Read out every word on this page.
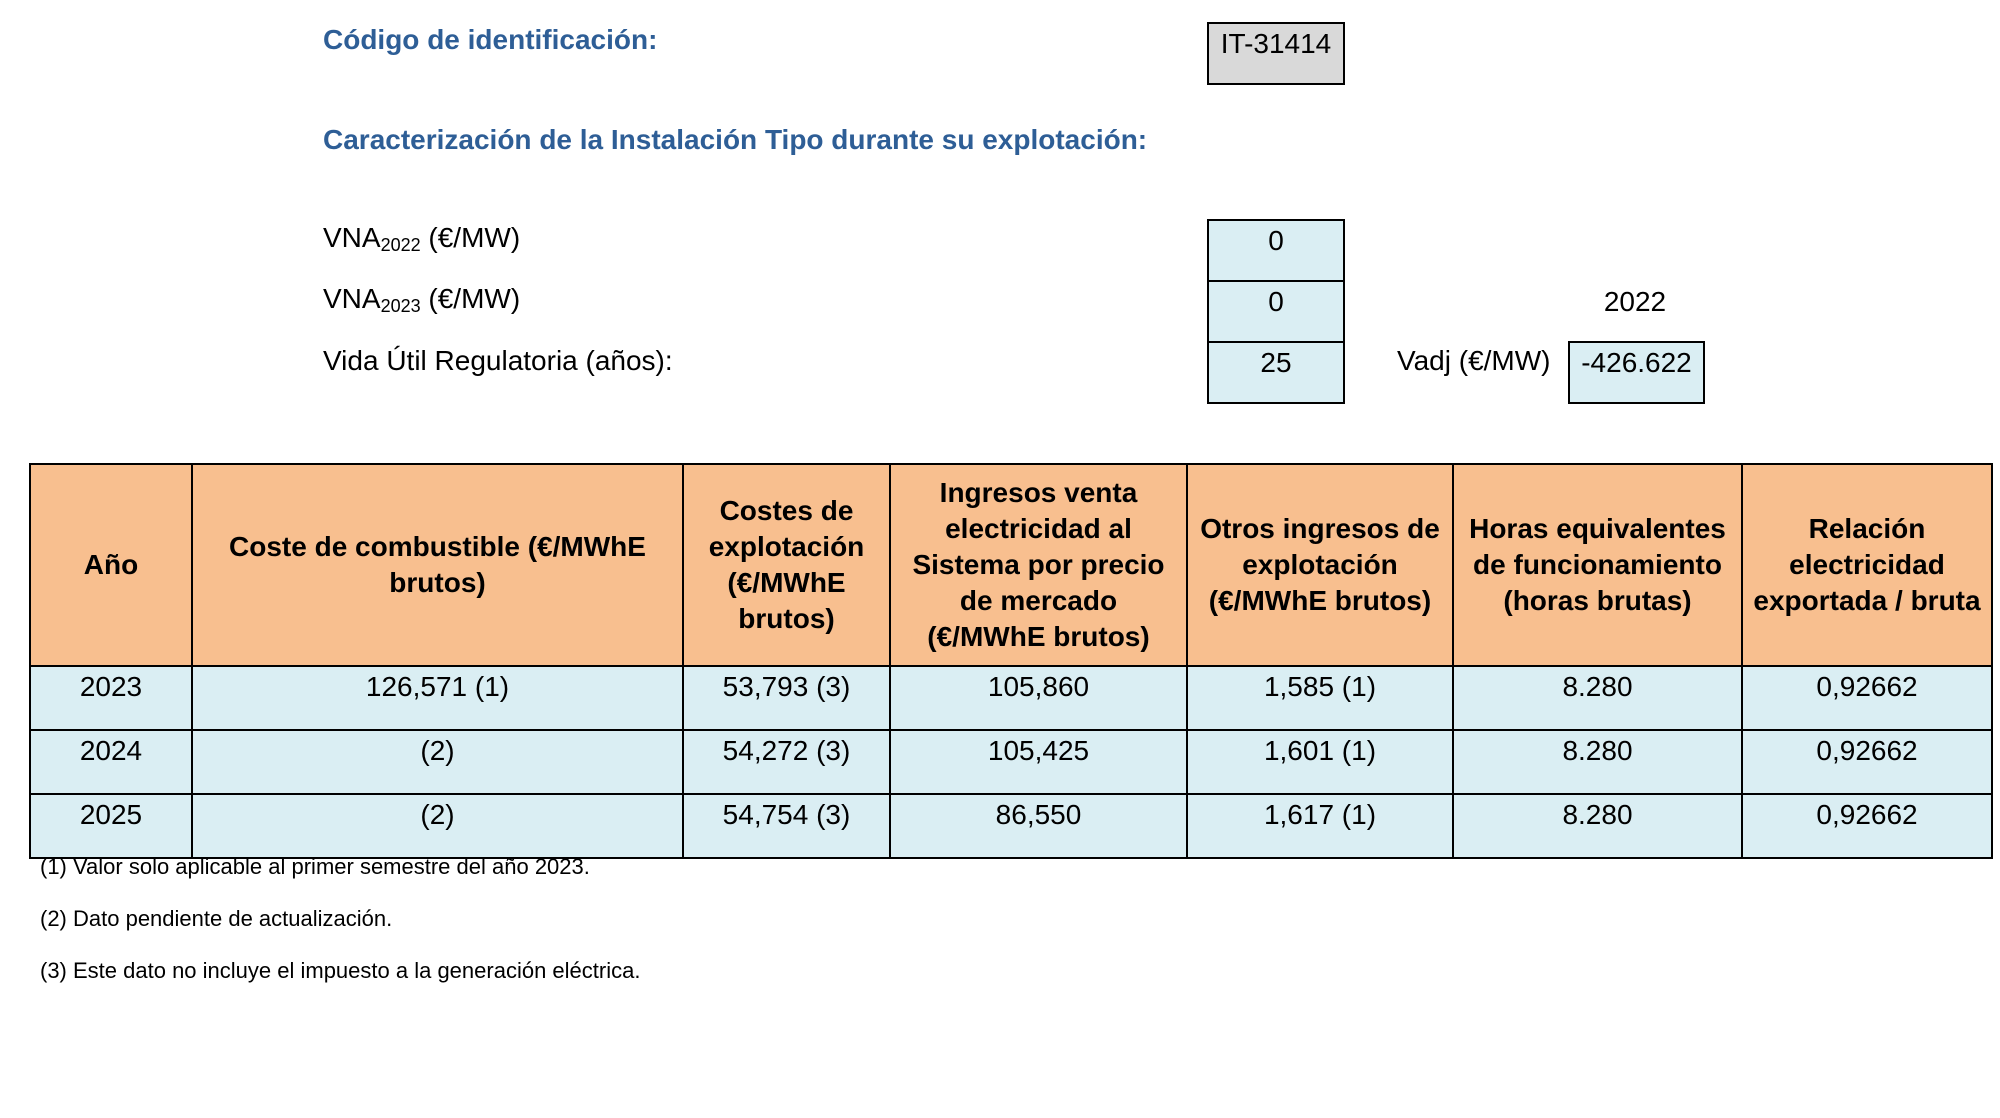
Código de identificación:	IT-31414
Caracterización de la Instalación Tipo durante su explotación:
$VNA_{2022}$ (€/MW)	0
$VNA_{2023}$ (€/MW)	0
Vida Útil Regulatoria (años):	25
2022
Vadj (€/MW)	-426.622
Año	Coste de combustible (€/MWhE brutos)	Costes de explotación (€/MWhE brutos)	Ingresos venta electricidad al Sistema por precio de mercado (€/MWhE brutos)	Otros ingresos de explotación (€/MWhE brutos)	Horas equivalentes de funcionamiento (horas brutas)	Relación electricidad exportada / bruta
2023	126,571 (1)	53,793 (3)	105,860	1,585 (1)	8.280	0,92662
2024	(2)	54,272 (3)	105,425	1,601 (1)	8.280	0,92662
2025	(2)	54,754 (3)	86,550	1,617 (1)	8.280	0,92662
(1) Valor solo aplicable al primer semestre del año 2023.
(2) Dato pendiente de actualización.
(3) Este dato no incluye el impuesto a la generación eléctrica.
